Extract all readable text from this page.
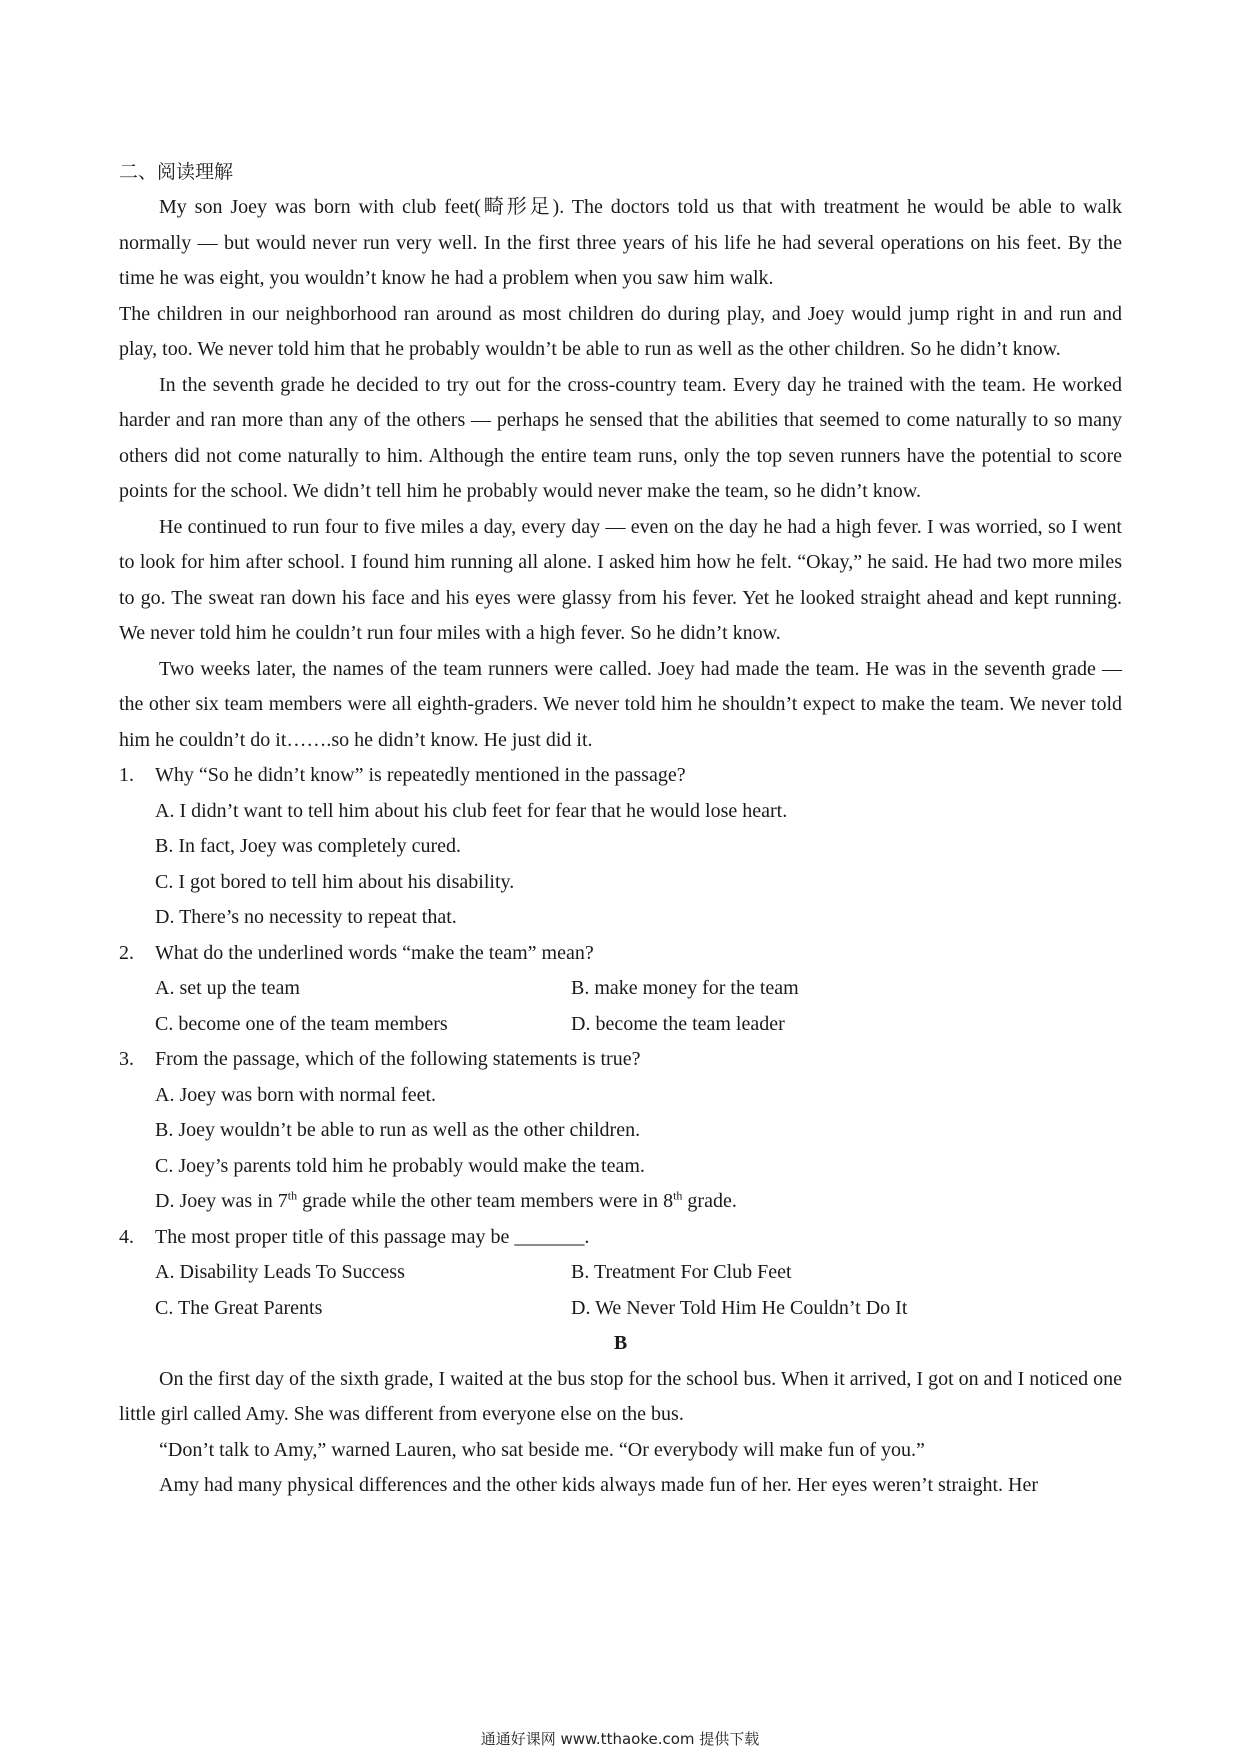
二、阅读理解

My son Joey was born with club feet(畸形足). The doctors told us that with treatment he would be able to walk normally — but would never run very well. In the first three years of his life he had several operations on his feet. By the time he was eight, you wouldn’t know he had a problem when you saw him walk.

The children in our neighborhood ran around as most children do during play, and Joey would jump right in and run and play, too. We never told him that he probably wouldn’t be able to run as well as the other children. So he didn’t know.

In the seventh grade he decided to try out for the cross-country team. Every day he trained with the team. He worked harder and ran more than any of the others — perhaps he sensed that the abilities that seemed to come naturally to so many others did not come naturally to him. Although the entire team runs, only the top seven runners have the potential to score points for the school. We didn’t tell him he probably would never make the team, so he didn’t know.

He continued to run four to five miles a day, every day — even on the day he had a high fever. I was worried, so I went to look for him after school. I found him running all alone. I asked him how he felt. “Okay,” he said. He had two more miles to go. The sweat ran down his face and his eyes were glassy from his fever. Yet he looked straight ahead and kept running. We never told him he couldn’t run four miles with a high fever. So he didn’t know.

Two weeks later, the names of the team runners were called. Joey had made the team. He was in the seventh grade — the other six team members were all eighth-graders. We never told him he shouldn’t expect to make the team. We never told him he couldn’t do it…….so he didn’t know. He just did it.

1.	Why “So he didn’t know” is repeatedly mentioned in the passage?

A. I didn’t want to tell him about his club feet for fear that he would lose heart.

B. In fact, Joey was completely cured.

C. I got bored to tell him about his disability.

D. There’s no necessity to repeat that.

2.	What do the underlined words “make the team” mean?
A. set up the team	B. make money for the team
C. become one of the team members	D. become the team leader
3.	From the passage, which of the following statements is true?

A. Joey was born with normal feet.

B. Joey wouldn’t be able to run as well as the other children.

C. Joey’s parents told him he probably would make the team.

D. Joey was in 7th grade while the other team members were in 8th grade.

4.	The most proper title of this passage may be _______.
A. Disability Leads To Success	B. Treatment For Club Feet
C. The Great Parents	D. We Never Told Him He Couldn’t Do It

B

On the first day of the sixth grade, I waited at the bus stop for the school bus. When it arrived, I got on and I noticed one little girl called Amy. She was different from everyone else on the bus.

“Don’t talk to Amy,” warned Lauren, who sat beside me. “Or everybody will make fun of you.”

Amy had many physical differences and the other kids always made fun of her. Her eyes weren’t straight. Her

通通好课网 www.tthaoke.com 提供下载
